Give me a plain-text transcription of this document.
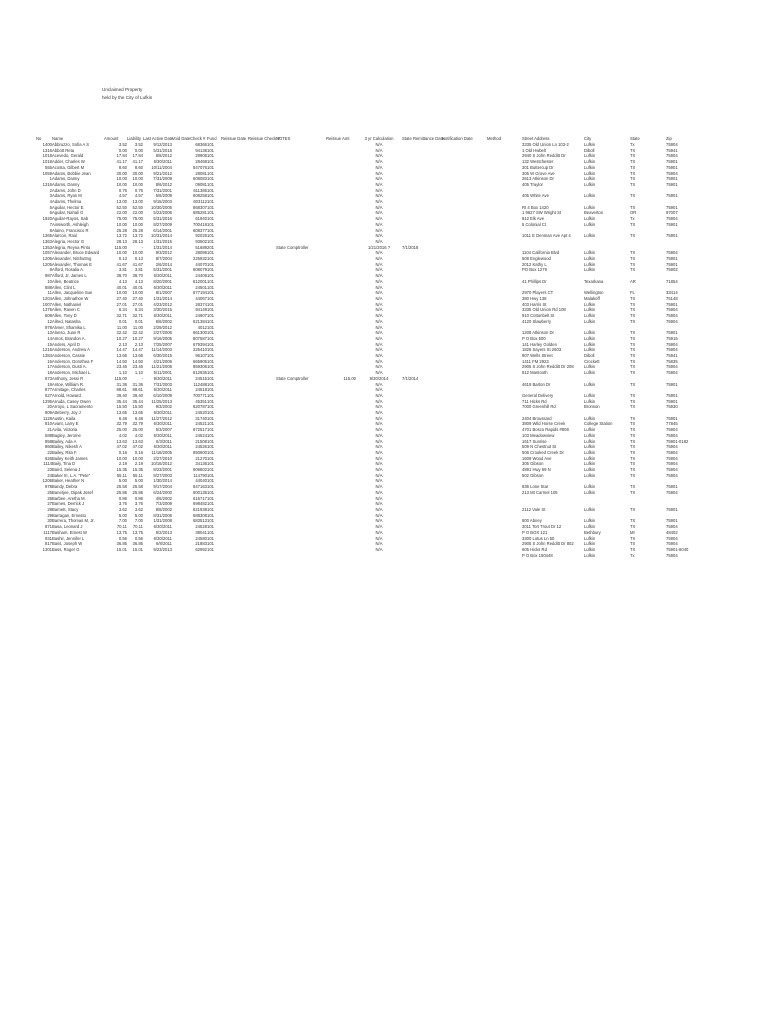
Unclaimed Property
held by the City of Lufkin
No	Name	Amount	Liability	Last Active Date	Void Date	Check #	Fund	Reissue Date	Reissue Check #	NOTES	Reissue Amt	3 yr Calculation	State Remittance Date	Notification Date	Method	Street Address	City	State	Zip
1400	Abbruzzo, Sofia A S	3.52	3.52	9/12/2013		68366	101					N/A				3335 Old Union Ln 103-2	Lufkin	Tx	75904
1316	Abbott Reta	0.00	0.00	5/31/2015		94138	101					N/A				1 Old Hwbelt	Diboll	TX	75941
1018	Acevedo, Gerald	17.84	17.84	8/8/2012		28906	101					N/A				2940 S John Redditt Dr	Lufkin	TX	75904
1018	Adder, Charles W	41.17	41.17	6/30/2011		28468	101					N/A				132 Westchester	Lufkin	TX	75901
555	Acosta, Gilbert M	8.60	8.60	10/11/2004		847076	101					N/A				301 Buttercup Dr	Lufkin	TX	75901
1059	Adams, Bobbie Jean	30.00	30.00	9/21/2012		28081	101					N/A				305 W Grove Ave	Lufkin	TX	75904
1	Adams, Danny	10.00	10.00	7/31/2009		608083	101					N/A				2613 Atkinson Dr	Lufkin	TX	75901
1316	Adams, Danny	10.00	10.00	8/6/2012		09081	101					N/A				405 Traylor	Lufkin	TX	75901
2	Adams, John D	0.76	0.76	7/31/2001		611385	101					N/A							
3	Adams, Ryan M	4.57	4.57	5/6/2009		608258	101					N/A				405 White Ave	Lufkin	TX	75901
4	Adams, Thelma	13.00	13.00	9/15/2003		603112	101					N/A							
5	Aguilar, Hector E.	52.50	52.50	10/30/2005		868307	101					N/A				Rt 4 Box 1420	Lufkin	TX	75901
6	Aguilar, Nahali G	22.00	22.00	5/23/2006		685281	101					N/A				1 9627 SW Wright St	Beaverton	OR	97007
1920	Aguilar-Rayos, Sab	75.00	75.00	5/31/2016		61940	101					N/A				812 Elk Ave	Lufkin	Tx	75904
7	Ainsworth, Ashleigh	10.00	10.00	8/27/2009		700418	101					N/A				5 Colonial Ct	Lufkin	TX	75901
8	Alamo, Francisco R	25.28	25.28	6/14/2001		608377	101					N/A							
1365	Alarcon, Raul	13.72	13.72	10/31/2014		92026	101					N/A				1011 E Denman Ave Apt 4	Lufkin	TX	75901
1363	Alegria, Hector G	28.13	28.13	1/31/2015		93502	101					N/A							
1353	Alegria, Reyna Pinto	115.00	-	1/31/2014		51689	201			State Comptroller		1/21/2016 ?	7/1/2018						
1057	Alexander, Bruce Edward	10.00	10.00	9/3/2012		28086	101					N/A				1104 California Blvd	Lufkin	TX	75904
1205	Alexander, NiShuttng	0.13	0.13	8/7/2004		225932	101					N/A				508 Englewood	Lufkin	TX	75901
1205	Alexander, Thomas E	41.67	41.67	2/6/2014		44070	101					N/A				2012 Kathy L	Lufkin	TX	75901
9	Alford, Rosalia A.	3.81	3.81	5/31/2001		608079	101					N/A				PO Box 1279	Lufkin	TX	75902
987	Alford, Jr, James L	38.70	38.70	6/30/2011		24406	101					N/A							
10	Allen, Beatrice	4.13	4.13	8/20/2001		612001	101					N/A				41 Phillips Dr	Texarkana	AR	71854
888	Allen, Clint L	40.01	40.01	6/30/2011		24501	101					N/A							
11	Allen, Jacqueline Sue	10.00	10.00	8/1/2007		677194	101					N/A				2970 Players CT	Wellington	FL	33414
1204	Allen, Johnathon W	27.40	27.40	1/31/2014		44067	101					N/A				380 Hwy 138	Malakoff	TX	75148
1007	Allen, Nathaniel	27.01	27.01	4/23/2012		28374	101					N/A				403 Harris St	Lufkin	TX	75901
1376	Allen, Raven C	6.34	6.34	3/30/2015		94149	101					N/A				3335 Old Union Rd 108	Lufkin	TX	75904
608	Allen, Tony D	32.71	32.71	6/30/2011		24907	101					N/A				910 Cottonbelt St	Lufkin	TX	75904
12	Allred, Natasha	0.01	0.01	6/6/2002		621384	101					N/A				4120 Slawberry	Lufkin	TX	75904
978	Alvner, Shamika L	11.00	11.00	2/29/2012		4012	101					N/A							
13	Alonso, Juan R	32.42	32.42	2/27/2006		661300	101					N/A				1208 Atkinson Dr	Lufkin	TX	75901
14	Amos, Brandon A.	10.27	10.27	9/16/2005		807587	101					N/A				P O Box 500	Lufkin	TX	75915
15	Anders, April D	2.13	2.13	7/25/2007		679394	101					N/A				141 Harley Golden	Lufkin	TX	75904
1216	Anderson, Andrew A	14.47	14.47	11/14/2003		225410	101					N/A				1826 Sayers St 2603	Lufkin	TX	75904
1384	Anderson, Cassie	13.66	13.66	6/30/2015		96107	101					N/A				907 Wells Street	Diboll	TX	75941
16	Anderson, Dorothea F	14.50	14.50	4/21/2006		665905	101					N/A				1411 FM 2923	Crockett	TX	75835
17	Anderson, Dusti A.	23.46	23.46	11/21/2005		859306	101					N/A				2905 S John Redditt Dr 208	Lufkin	TX	75904
18	Anderson, Michael L.	1.10	1.10	5/11/2001		612935	101					N/A				812 Mantooth	Lufkin	TX	75904
673	Anthony, Jessi R	115.00	-	9/30/2011		24515	101			State Comptroller	115.00	9/30/2014	7/1/2014						
19	Antoe, William R.	31.36	31.36	7/31/2003		112488	101					N/A				4619 Barton Dr	Lufkin	TX	75901
877	Armitage, Charles	88.61	88.61	6/30/2011		24518	101					N/A							
527	Arnold, Howard	39.40	39.40	6/10/2009		700771	101					N/A				General Delivery	Lufkin	TX	75901
1295	Arruda, Casey Owen	35.44	35.44	11/25/2013		45351	101					N/A				711 Hicks Rd	Lufkin	TX	75901
20	Arroyo, L Sacramento	15.50	15.50	9/3/2002		620787	101					N/A				7000 Greenhill Rd	Bronson	TX	75930
809	Atteberry, Joy J	13.65	13.65	6/30/2011		24520	101					N/A							
1128	Austin, Kaila	6.48	6.48	11/27/2012		31740	101					N/A				2404 Broussard	Lufkin	TX	75901
810	Avant, Larry E	32.79	32.79	6/30/2011		24521	101					N/A				3809 Wild Horse Creek	College Station	TX	77845
21	Avila, Victoria	25.00	25.00	5/3/2007		672517	101					N/A				4701 Bosco Rapids #808	Lufkin	TX	75904
588	Bagley, Jerome	4.02	4.02	6/30/2011		24524	101					N/A				103 Meadowview	Lufkin	TX	75904
858	Bailey, Ada A	13.63	13.63	6/3/2011		21508	101					N/A				1617 Sunrise	Lufkin	TX	75901-0182
860	Bailey, Nikesh A	47.02	47.02	6/30/2011		24526	101					N/A				509 N Chestnut St	Lufkin	TX	75904
22	Bailey, Rita F.	0.16	0.16	11/18/2005		850600	101					N/A				506 Crooked Creek Dr	Lufkin	TX	75904
626	Bailey Keith James	10.00	10.00	2/27/2010		21270	101					N/A				1609 Wood Ave	Lufkin	TX	75904
1114	Baily, Tina D	2.19	2.19	10/16/2012		34136	101					N/A				305 Gibson	Lufkin	TX	75904
23	Baird, Selena J	15.35	15.35	8/23/2001		606802	101					N/A				4891 Hwy 69 N	Lufkin	TX	75904
24	Baker III, L.A. "Pete"	55.11	55.11	8/27/2003		114790	101					N/A				502 Gibson	Lufkin	TX	75904
1206	Baker, Heather N	5.00	5.00	1/30/2014		44040	101					N/A							
978	Bandy, Debra	25.58	25.58	9/17/2004		847163	101					N/A				836 Lone Star	Lufkin	TX	75901
25	Banerjee, Dipak Josef	25.86	25.86	6/24/2000		600136	101					N/A				213 Mt Carmel 105	Lufkin	TX	75904
26	Barbee, Aretha M.	0.86	0.86	4/6/2002		615717	101					N/A							
27	Barnes, Derrick J	3.76	3.76	7/3/2009		698482	101					N/A							
28	Barnett, Stacy	3.62	3.62	8/8/2002		621938	101					N/A				2112 Vale St	Lufkin	TX	75901
29	Barragan, Ernesto	5.00	5.00	8/31/2006		688308	101					N/A							
30	Barrera, Thomas M, Jr.	7.00	7.00	1/31/2008		683513	101					N/A				800 Abney	Lufkin	TX	75901
871	Basa, Leonard J	70.11	70.11	6/30/2011		24528	101					N/A				3011 Tort Trout Dr 12	Lufkin	TX	75904
1117	Basham, Ernest W	13.75	13.75	9/2/2013		38041	101					N/A				P O BOX 121	Bethbury	MI	48402
931	Bashir, Jennifer L	0.56	0.56	6/30/2011		24580	101					N/A				3300 Lotus Ln 50	Lufkin	TX	75904
817	Bass, Joseph W	36.85	36.85	6/8/2011		21883	101					N/A				2905 S John Redditt Dr 802	Lufkin	TX	75904
1301	Bass, Roger G	15.01	15.01	9/23/2013		62992	101					N/A				605 Hicks Rd	Lufkin	TX	75901-6040
																P O Box 150448	Lufkin	Tx	75904
